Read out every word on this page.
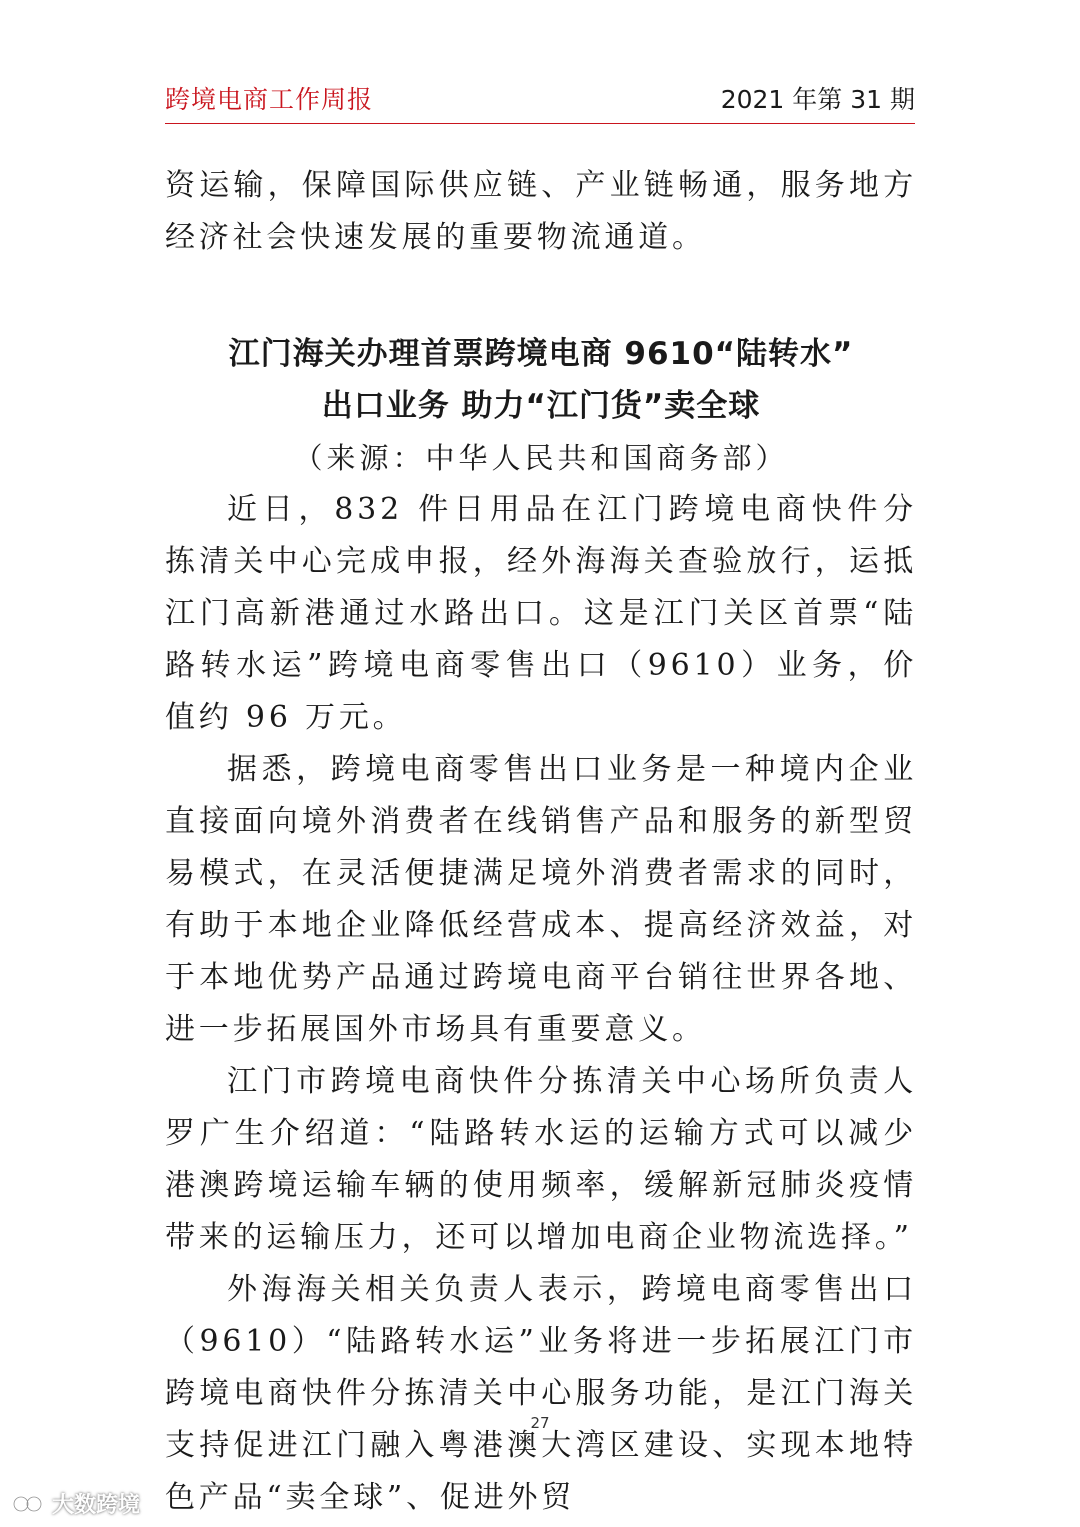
跨境电商工作周报	2021 年第 31 期

资运输，保障国际供应链、产业链畅通，服务地方经济社会快速发展的重要物流通道。

江门海关办理首票跨境电商 9610“陆转水”

出口业务 助力“江门货”卖全球

（来源：中华人民共和国商务部）

近日，832 件日用品在江门跨境电商快件分拣清关中心完成申报，经外海海关查验放行，运抵江门高新港通过水路出口。这是江门关区首票“陆路转水运”跨境电商零售出口（9610）业务，价值约 96 万元。

据悉，跨境电商零售出口业务是一种境内企业直接面向境外消费者在线销售产品和服务的新型贸易模式，在灵活便捷满足境外消费者需求的同时，有助于本地企业降低经营成本、提高经济效益，对于本地优势产品通过跨境电商平台销往世界各地、进一步拓展国外市场具有重要意义。

江门市跨境电商快件分拣清关中心场所负责人罗广生介绍道：“陆路转水运的运输方式可以减少港澳跨境运输车辆的使用频率，缓解新冠肺炎疫情带来的运输压力，还可以增加电商企业物流选择。”

外海海关相关负责人表示，跨境电商零售出口（9610）“陆路转水运”业务将进一步拓展江门市跨境电商快件分拣清关中心服务功能，是江门海关支持促进江门融入粤港澳大湾区建设、实现本地特色产品“卖全球”、促进外贸

27
大数跨境
